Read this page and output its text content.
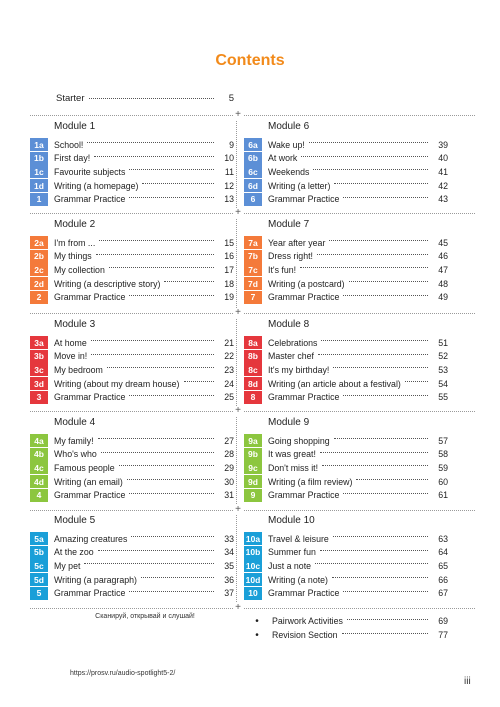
Contents
Starter	5
+
+
+
+
+
+
Module 1
1a	School!	9
1b	First day!	10
1c	Favourite subjects	11
1d	Writing (a homepage)	12
1	Grammar Practice	13
Module 2
2a	I'm from ...	15
2b	My things	16
2c	My collection	17
2d	Writing (a descriptive story)	18
2	Grammar Practice	19
Module 3
3a	At home	21
3b	Move in!	22
3c	My bedroom	23
3d	Writing (about my dream house)	24
3	Grammar Practice	25
Module 4
4a	My family!	27
4b	Who's who	28
4c	Famous people	29
4d	Writing (an email)	30
4	Grammar Practice	31
Module 5
5a	Amazing creatures	33
5b	At the zoo	34
5c	My pet	35
5d	Writing (a paragraph)	36
5	Grammar Practice	37
Module 6
6a	Wake up!	39
6b	At work	40
6c	Weekends	41
6d	Writing (a letter)	42
6	Grammar Practice	43
Module 7
7a	Year after year	45
7b	Dress right!	46
7c	It's fun!	47
7d	Writing (a postcard)	48
7	Grammar Practice	49
Module 8
8a	Celebrations	51
8b	Master chef	52
8c	It's my birthday!	53
8d	Writing (an article about a festival)	54
8	Grammar Practice	55
Module 9
9a	Going shopping	57
9b	It was great!	58
9c	Don't miss it!	59
9d	Writing (a film review)	60
9	Grammar Practice	61
Module 10
10a Travel & leisure	63
10b Summer fun	64
10c Just a note	65
10d Writing (a note)	66
10	Grammar Practice	67
•	Pairwork Activities	69
•	Revision Section	77
Сканируй, открывай и слушай!
https://prosv.ru/audio-spotlight5-2/
iii
